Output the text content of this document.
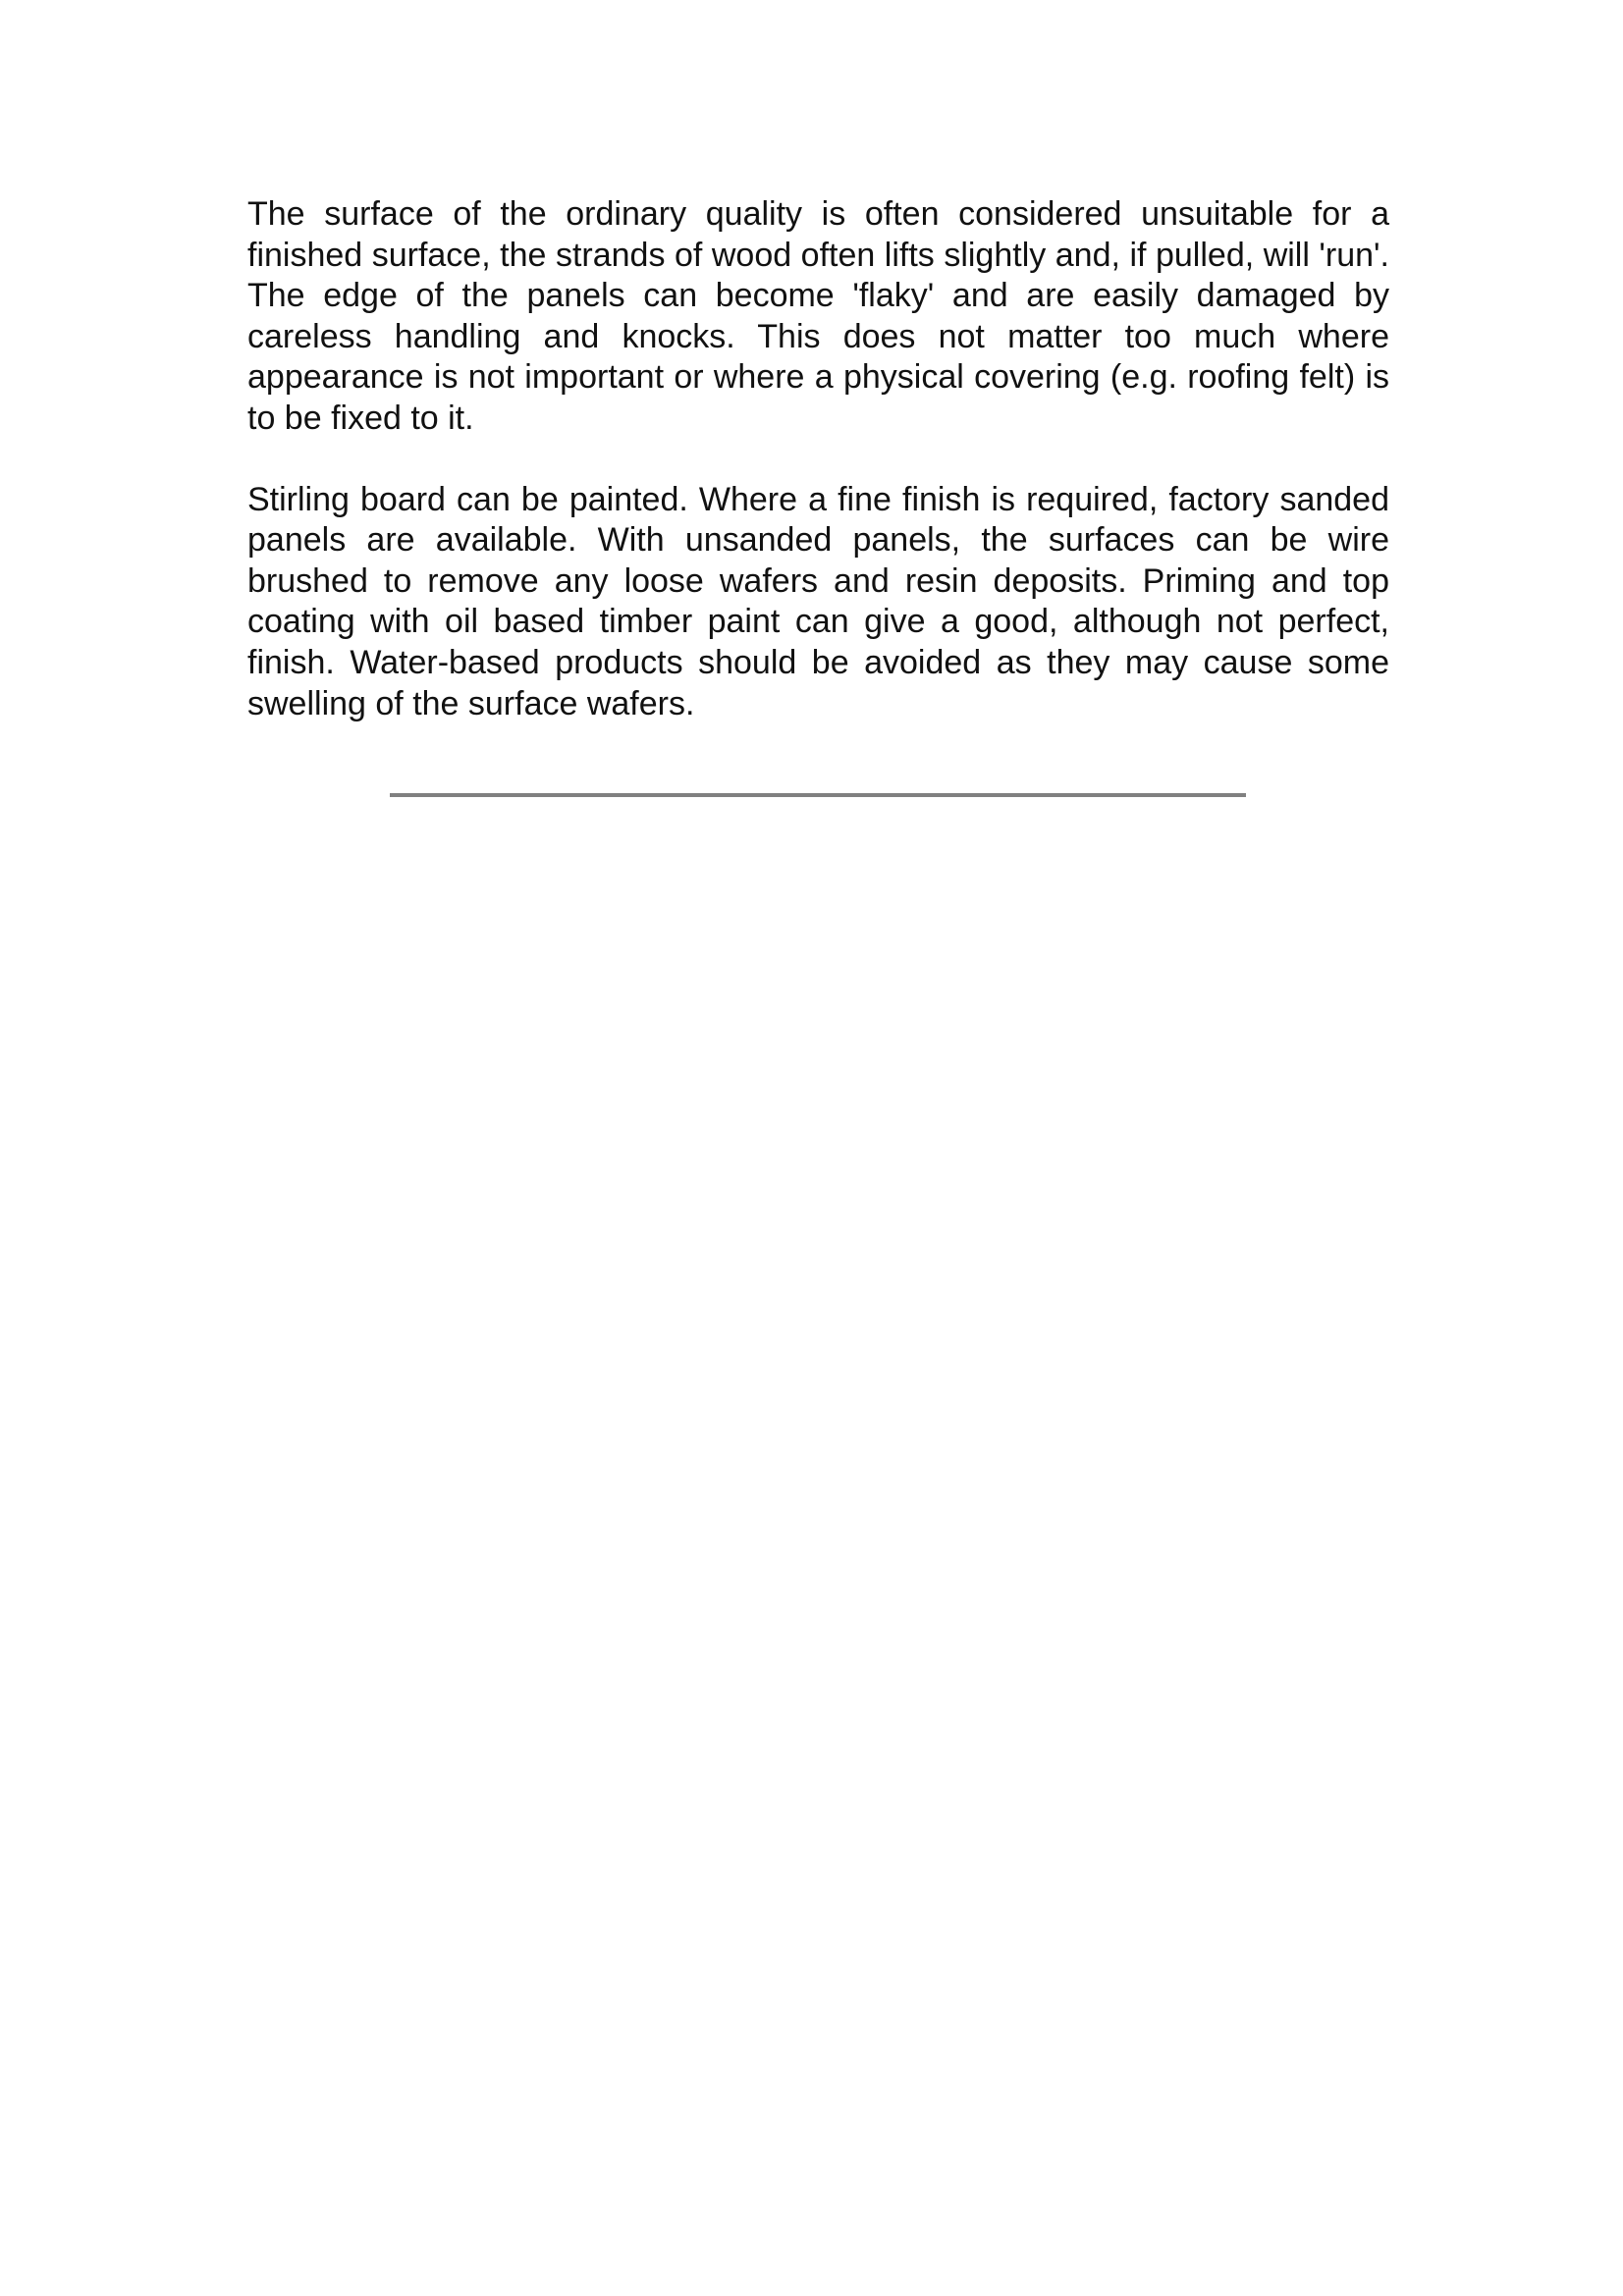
The surface of the ordinary quality is often considered unsuitable for a finished surface, the strands of wood often lifts slightly and, if pulled, will 'run'. The edge of the panels can become 'flaky' and are easily damaged by careless handling and knocks. This does not matter too much where appearance is not important or where a physical covering (e.g. roofing felt) is to be fixed to it.

Stirling board can be painted. Where a fine finish is required, factory sanded panels are available. With unsanded panels, the surfaces can be wire brushed to remove any loose wafers and resin deposits. Priming and top coating with oil based timber paint can give a good, although not perfect, finish. Water-based products should be avoided as they may cause some swelling of the surface wafers.
